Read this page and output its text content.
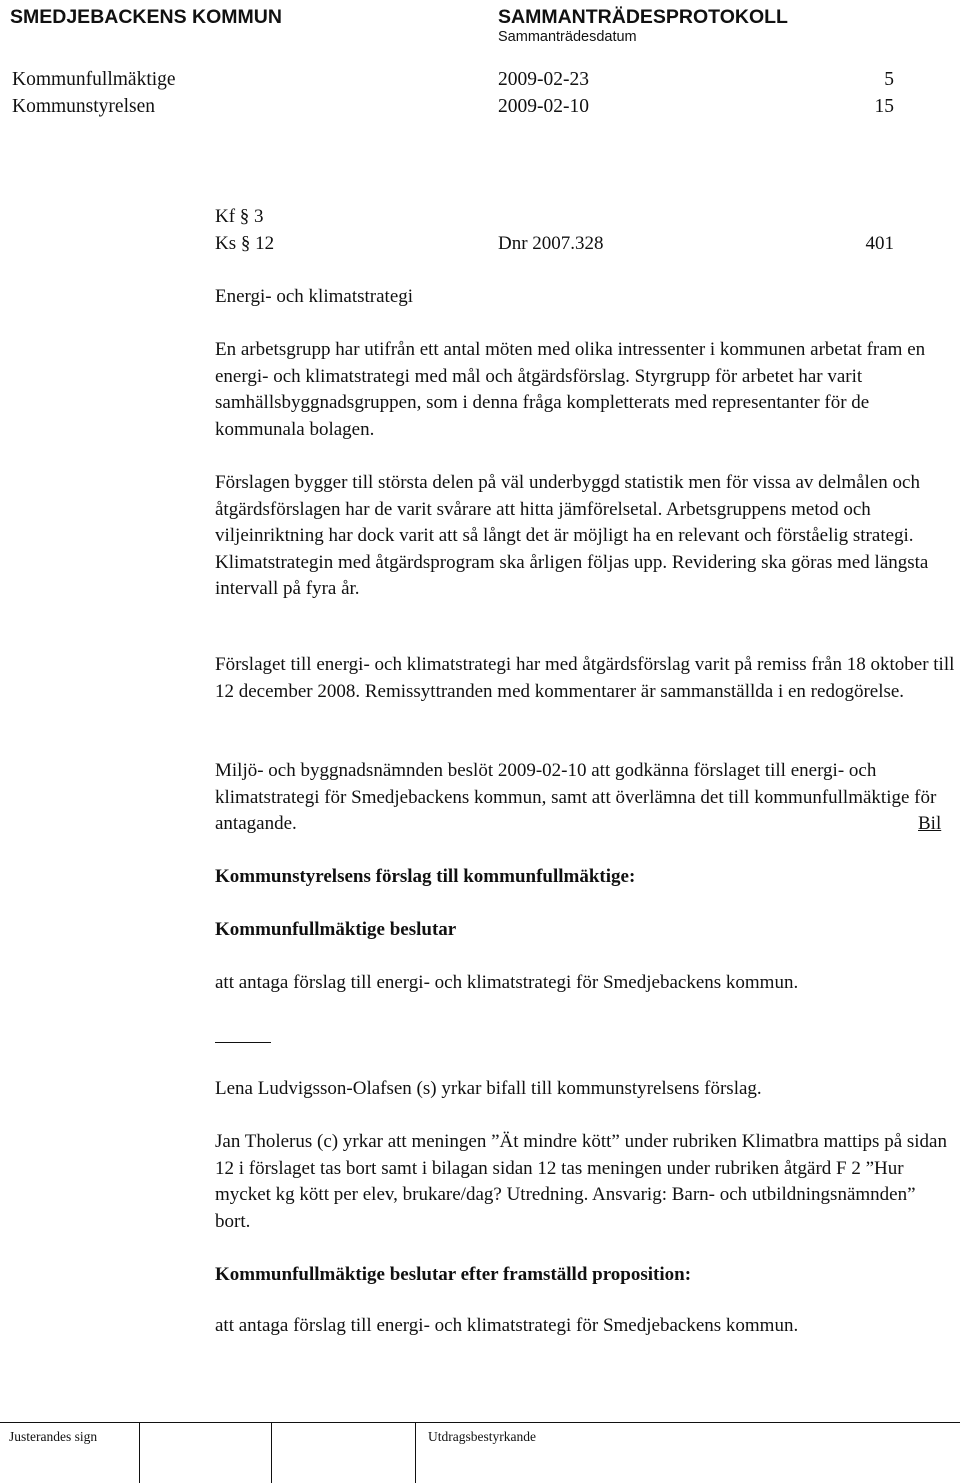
SMEDJEBACKENS KOMMUN	SAMMANTRÄDESPROTOKOLL
Sammanträdesdatum
Kommunfullmäktige	2009-02-23	5
Kommunstyrelsen	2009-02-10	15
Kf § 3
Ks § 12	Dnr 2007.328	401
Energi- och klimatstrategi

En arbetsgrupp har utifrån ett antal möten med olika intressenter i kommunen arbetat fram en energi- och klimatstrategi med mål och åtgärdsförslag. Styrgrupp för arbetet har varit samhällsbyggnadsgruppen, som i denna fråga kompletterats med representanter för de kommunala bolagen.

Förslagen bygger till största delen på väl underbyggd statistik men för vissa av delmålen och åtgärdsförslagen har de varit svårare att hitta jämförelsetal. Arbetsgruppens metod och viljeinriktning har dock varit att så långt det är möjligt ha en relevant och förståelig strategi. Klimatstrategin med åtgärdsprogram ska årligen följas upp. Revidering ska göras med längsta intervall på fyra år.

Förslaget till energi- och klimatstrategi har med åtgärdsförslag varit på remiss från 18 oktober till 12 december 2008. Remissyttranden med kommentarer är sammanställda i en redogörelse.

Miljö- och byggnadsnämnden beslöt 2009-02-10 att godkänna förslaget till energi- och klimatstrategi för Smedjebackens kommun, samt att överlämna det till kommunfullmäktige för antagande.	Bil
Kommunstyrelsens förslag till kommunfullmäktige:
Kommunfullmäktige beslutar
att antaga förslag till energi- och klimatstrategi för Smedjebackens kommun.
Lena Ludvigsson-Olafsen (s) yrkar bifall till kommunstyrelsens förslag.

Jan Tholerus (c) yrkar att meningen ”Ät mindre kött” under rubriken Klimatbra mattips på sidan 12 i förslaget tas bort samt i bilagan sidan 12 tas meningen under rubriken åtgärd F 2 ”Hur mycket kg kött per elev, brukare/dag? Utredning. Ansvarig: Barn- och utbildningsnämnden” bort.

Kommunfullmäktige beslutar efter framställd proposition:
att antaga förslag till energi- och klimatstrategi för Smedjebackens kommun.
Justerandes sign	Utdragsbestyrkande
